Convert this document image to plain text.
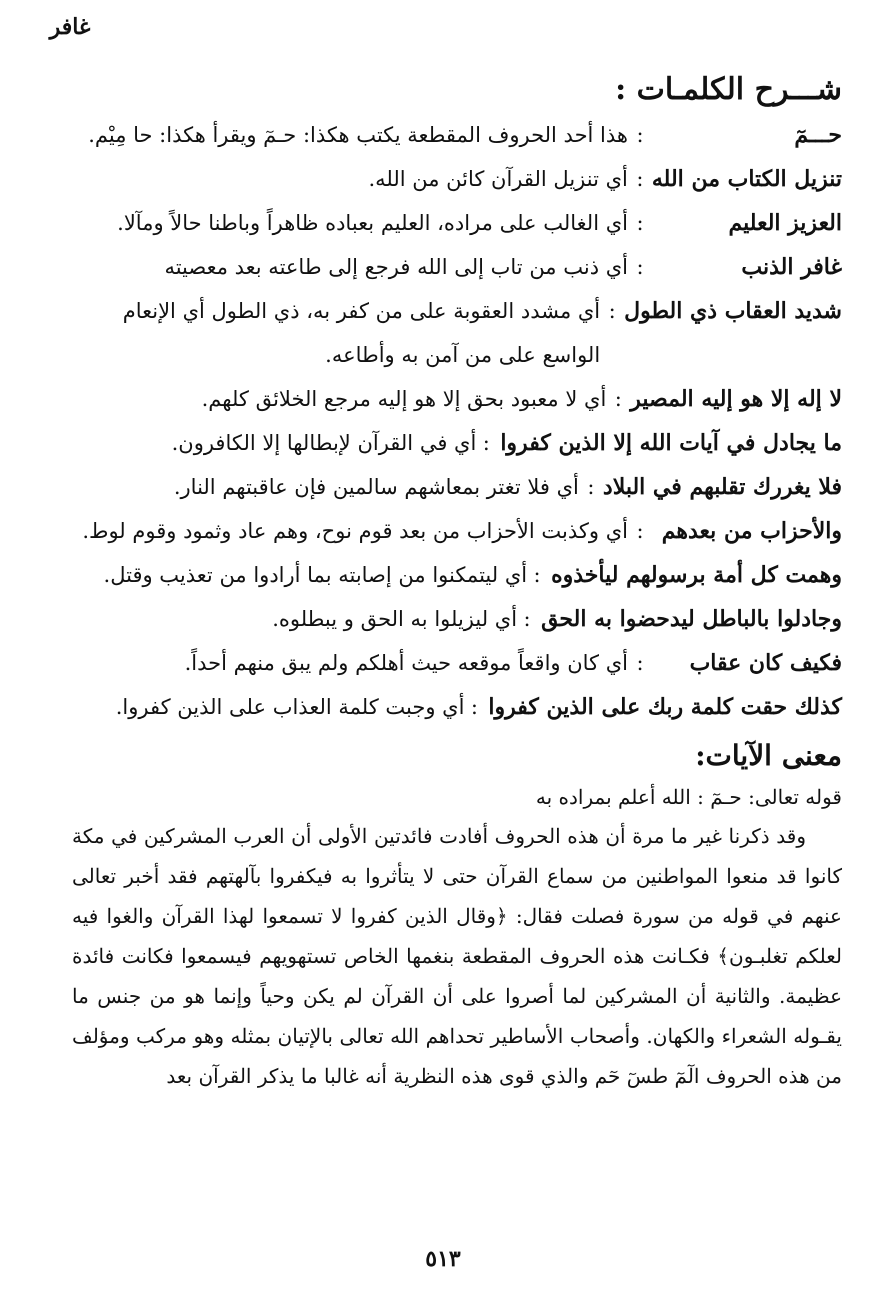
غافر
شـــرح الكلمـات :
حـــمٓ
:
هذا أحد الحروف المقطعة يكتب هكذا: حـمٓ ويقرأ هكذا: حا مِيْم.
تنزيل الكتاب من الله
:
أي تنزيل القرآن كائن من الله.
العزيز العليم
:
أي الغالب على مراده، العليم بعباده ظاهراً وباطنا حالاً ومآلا.
غافر الذنب
:
أي ذنب من تاب إلى الله فرجع إلى طاعته بعد معصيته
شديد العقاب ذي الطول
:
أي مشدد العقوبة على من كفر به، ذي الطول أي الإنعام الواسع على من آمن به وأطاعه.
لا إله إلا هو إليه المصير
:
أي لا معبود بحق إلا هو إليه مرجع الخلائق كلهم.
ما يجادل في آيات الله إلا الذين كفروا
:
أي في القرآن لإبطالها إلا الكافرون.
فلا يغررك تقلبهم في البلاد
:
أي فلا تغتر بمعاشهم سالمين فإن عاقبتهم النار.
والأحزاب من بعدهم
:
أي وكذبت الأحزاب من بعد قوم نوح، وهم عاد وثمود وقوم لوط.
وهمت كل أمة برسولهم ليأخذوه
:
أي ليتمكنوا من إصابته بما أرادوا من تعذيب وقتل.
وجادلوا بالباطل ليدحضوا به الحق
:
أي ليزيلوا به الحق و يبطلوه.
فكيف كان عقاب
:
أي كان واقعاً موقعه حيث أهلكم ولم يبق منهم أحداً.
كذلك حقت كلمة ربك على الذين كفروا
:
أي وجبت كلمة العذاب على الذين كفروا.
معنى الآيات:

قوله تعالى: حـمٓ : الله أعلم بمراده به

وقد ذكرنا غير ما مرة أن هذه الحروف أفادت فائدتين الأولى أن العرب المشركين في مكة كانوا قد منعوا المواطنين من سماع القرآن حتى لا يتأثروا به فيكفروا بآلهتهم فقد أخبر تعالى عنهم في قوله من سورة فصلت فقال: ﴿وقال الذين كفروا لا تسمعوا لهذا القرآن والغوا فيه لعلكم تغلبـون﴾ فكـانت هذه الحروف المقطعة بنغمها الخاص تستهويهم فيسمعوا فكانت فائدة عظيمة. والثانية أن المشركين لما أصروا على أن القرآن لم يكن وحياً وإنما هو من جنس ما يقـوله الشعراء والكهان. وأصحاب الأساطير تحداهم الله تعالى بالإتيان بمثله وهو مركب ومؤلف من هذه الحروف الٓمٓ طسٓ حٓم والذي قوى هذه النظرية أنه غالبا ما يذكر القرآن بعد

٥١٣
